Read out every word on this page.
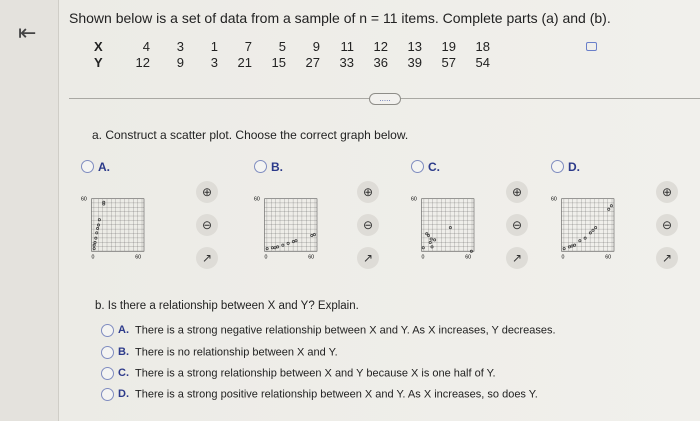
⇤
Shown below is a set of data from a sample of n = 11 items. Complete parts (a) and (b).
X	4	3	1	7	5	9	11	12	13	19	18
Y	12	9	3	21	15	27	33	36	39	57	54
.....
a. Construct a scatter plot. Choose the correct graph below.
A.	B.	C.	D.
60
0	60
60
0	60
60
0	60
60
0	60
⊕
⊖
↗
⊕
⊖
↗
⊕
⊖
↗
⊕
⊖
↗
b. Is there a relationship between X and Y? Explain.
A. There is a strong negative relationship between X and Y. As X increases, Y decreases.
B. There is no relationship between X and Y.
C. There is a strong relationship between X and Y because X is one half of Y.
D. There is a strong positive relationship between X and Y. As X increases, so does Y.
